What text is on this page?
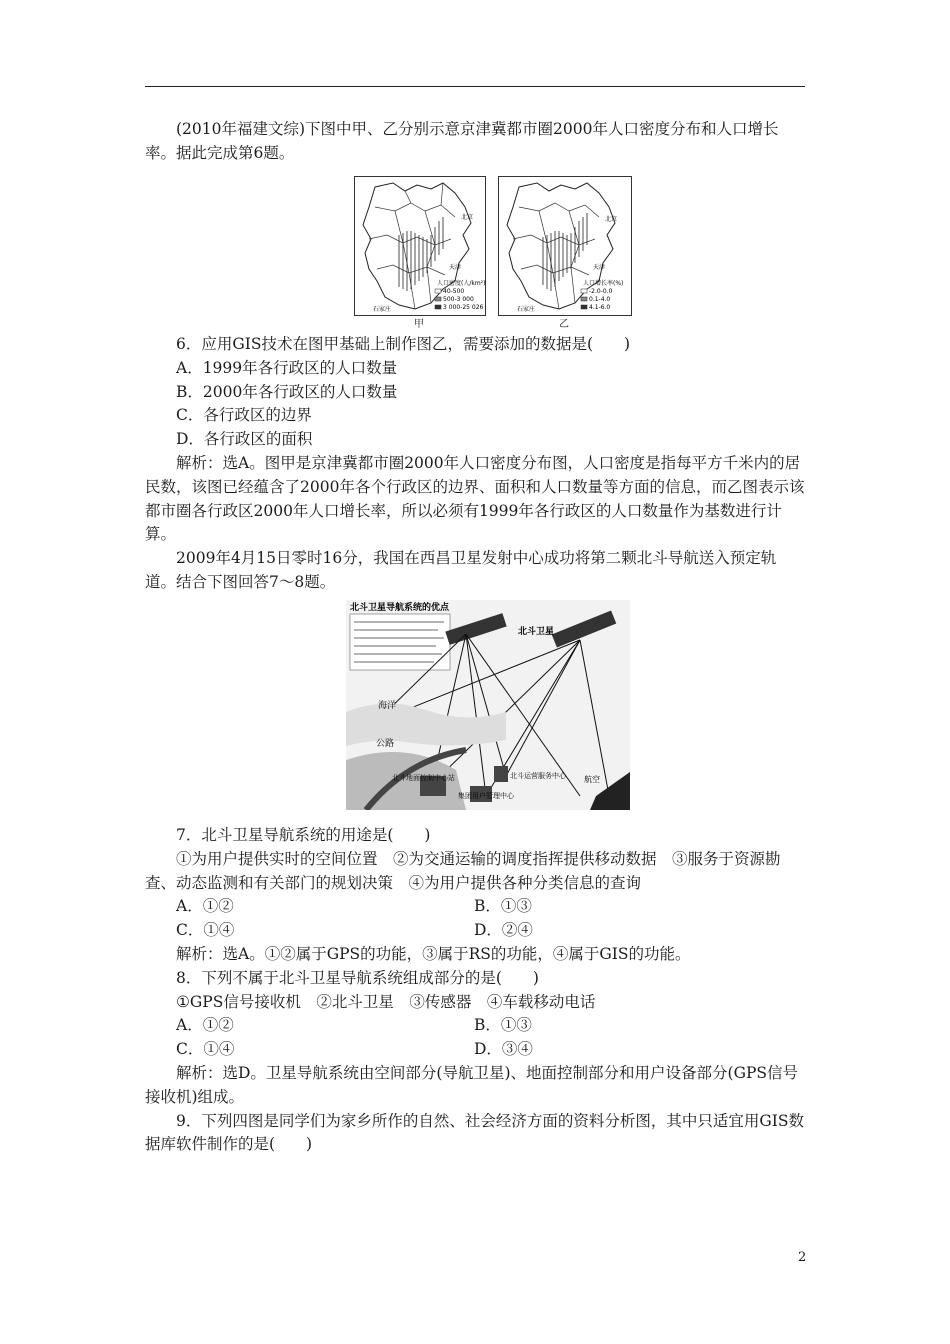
(2010年福建文综)下图中甲、乙分别示意京津冀都市圈2000年人口密度分布和人口增长率。据此完成第6题。

北京
天津
石家庄
人口密度(人/km²)
40-500
500-3 000
3 000-25 026
甲
北京
天津
石家庄
人口增长率(%)
-2.0-0.0
0.1-4.0
4.1-6.0
乙

6．应用GIS技术在图甲基础上制作图乙，需要添加的数据是(　　)

A．1999年各行政区的人口数量

B．2000年各行政区的人口数量

C．各行政区的边界

D．各行政区的面积

解析：选A。图甲是京津冀都市圈2000年人口密度分布图，人口密度是指每平方千米内的居民数，该图已经蕴含了2000年各个行政区的边界、面积和人口数量等方面的信息，而乙图表示该都市圈各行政区2000年人口增长率，所以必须有1999年各行政区的人口数量作为基数进行计算。

2009年4月15日零时16分，我国在西昌卫星发射中心成功将第二颗北斗导航送入预定轨道。结合下图回答7～8题。

北斗卫星导航系统的优点
北斗卫星
海洋
公路
北斗地面控制中心站
集团用户管理中心
北斗运营服务中心 航空

7．北斗卫星导航系统的用途是(　　)

①为用户提供实时的空间位置　②为交通运输的调度指挥提供移动数据　③服务于资源勘查、动态监测和有关部门的规划决策　④为用户提供各种分类信息的查询

A．①②	B．①③
C．①④	D．②④

解析：选A。①②属于GPS的功能，③属于RS的功能，④属于GIS的功能。

8．下列不属于北斗卫星导航系统组成部分的是(　　)

①GPS信号接收机　②北斗卫星　③传感器　④车载移动电话

A．①②	B．①③
C．①④	D．③④

解析：选D。卫星导航系统由空间部分(导航卫星)、地面控制部分和用户设备部分(GPS信号接收机)组成。

9．下列四图是同学们为家乡所作的自然、社会经济方面的资料分析图，其中只适宜用GIS数据库软件制作的是(　　)

2
